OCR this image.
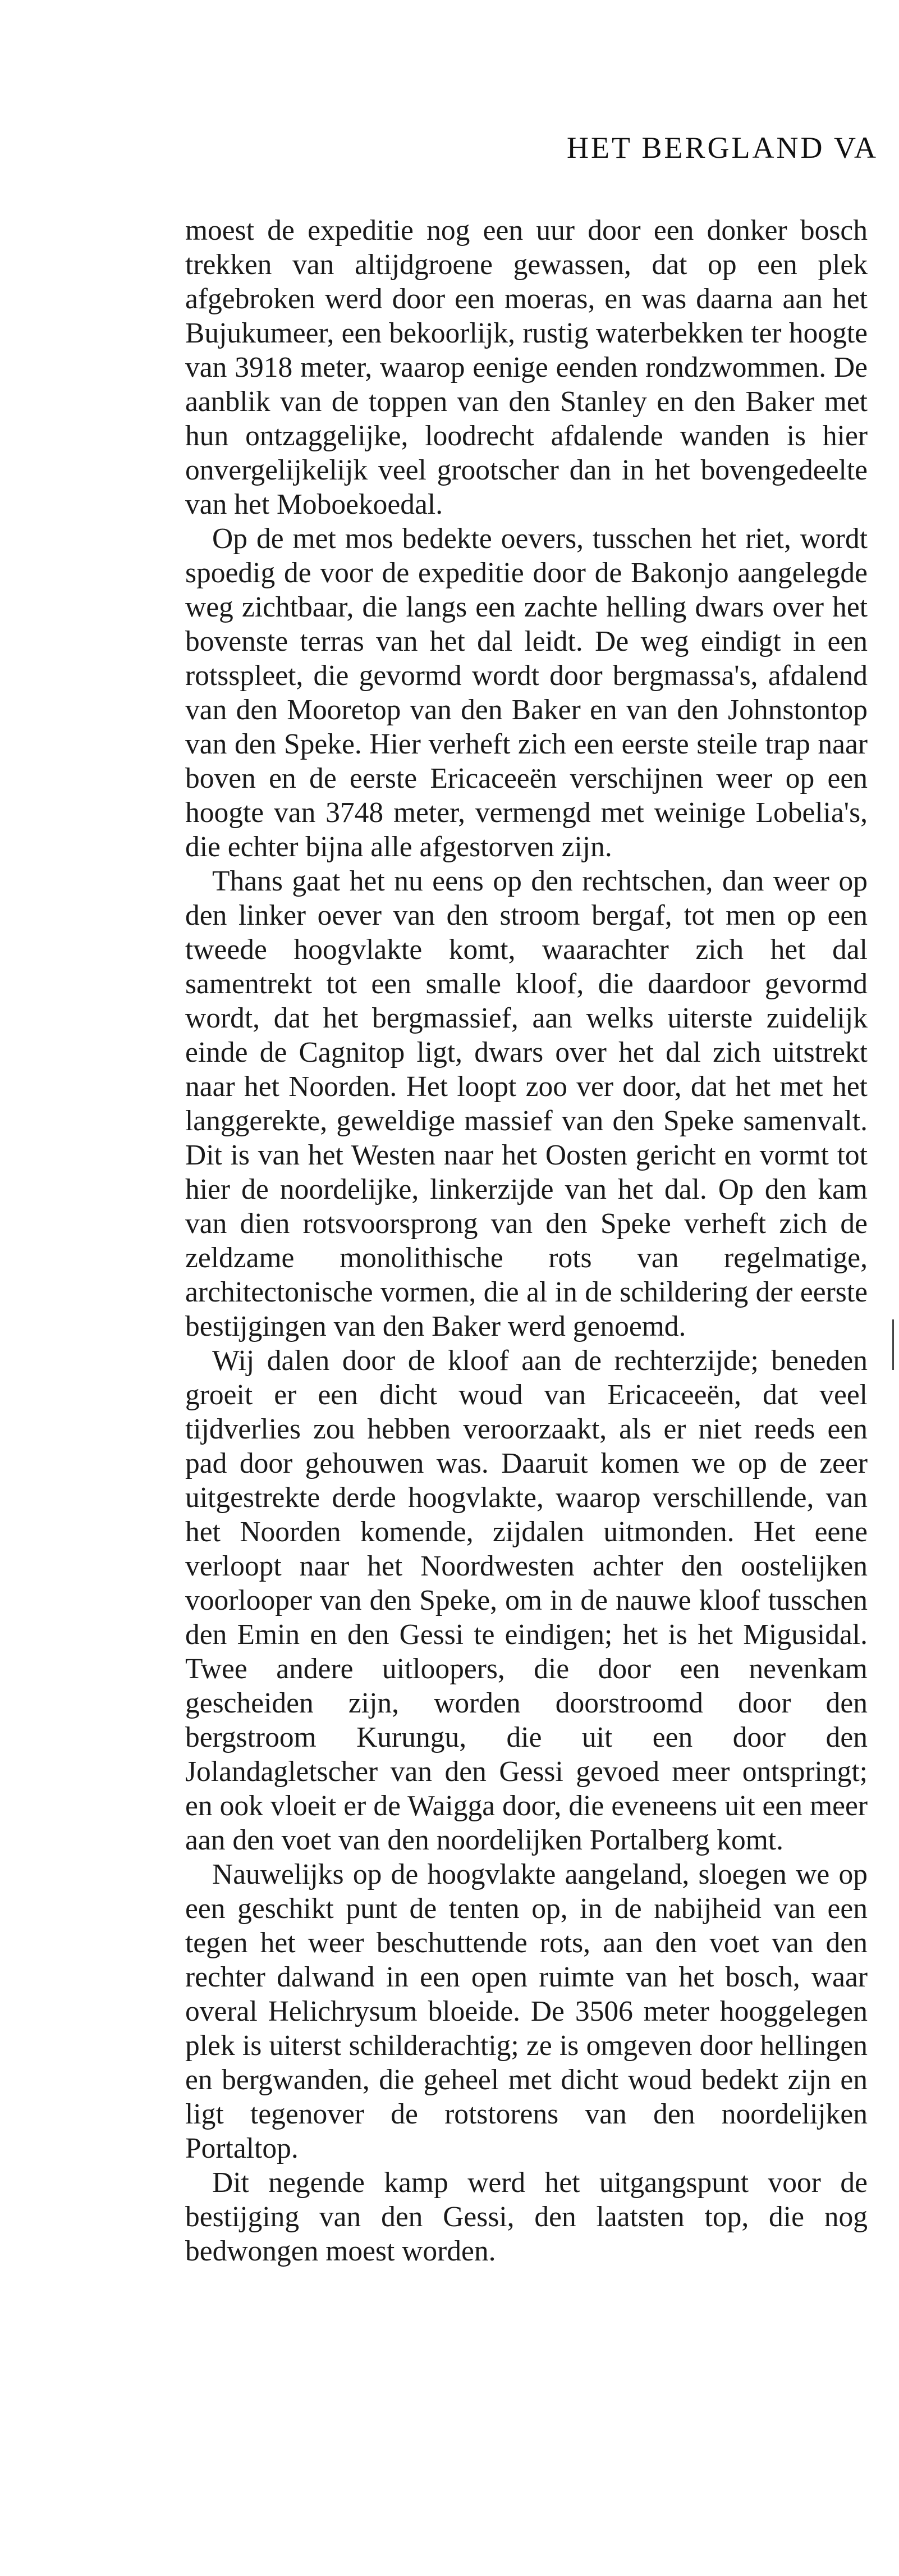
HET BERGLAND VA

moest de expeditie nog een uur door een donker bosch trekken van altijdgroene gewassen, dat op een plek afgebroken werd door een moeras, en was daarna aan het Bujukumeer, een bekoorlijk, rustig waterbekken ter hoogte van 3918 meter, waarop eenige eenden rondzwommen. De aanblik van de toppen van den Stanley en den Baker met hun ontzaggelijke, loodrecht afdalende wanden is hier onvergelijkelijk veel grootscher dan in het bovengedeelte van het Moboekoedal.

Op de met mos bedekte oevers, tusschen het riet, wordt spoedig de voor de expeditie door de Bakonjo aangelegde weg zichtbaar, die langs een zachte helling dwars over het bovenste terras van het dal leidt. De weg eindigt in een rotsspleet, die gevormd wordt door bergmassa's, afdalend van den Mooretop van den Baker en van den Johnstontop van den Speke. Hier verheft zich een eerste steile trap naar boven en de eerste Ericaceeën verschijnen weer op een hoogte van 3748 meter, vermengd met weinige Lobelia's, die echter bijna alle afgestorven zijn.

Thans gaat het nu eens op den rechtschen, dan weer op den linker oever van den stroom bergaf, tot men op een tweede hoogvlakte komt, waarachter zich het dal samentrekt tot een smalle kloof, die daardoor gevormd wordt, dat het bergmassief, aan welks uiterste zuidelijk einde de Cagnitop ligt, dwars over het dal zich uitstrekt naar het Noorden. Het loopt zoo ver door, dat het met het langgerekte, geweldige massief van den Speke samenvalt. Dit is van het Westen naar het Oosten gericht en vormt tot hier de noordelijke, linkerzijde van het dal. Op den kam van dien rotsvoorsprong van den Speke verheft zich de zeldzame monolithische rots van regelmatige, architectonische vormen, die al in de schildering der eerste bestijgingen van den Baker werd genoemd.

Wij dalen door de kloof aan de rechterzijde; beneden groeit er een dicht woud van Ericaceeën, dat veel tijdverlies zou hebben veroorzaakt, als er niet reeds een pad door gehouwen was. Daaruit komen we op de zeer uitgestrekte derde hoogvlakte, waarop verschillende, van het Noorden komende, zijdalen uitmonden. Het eene verloopt naar het Noordwesten achter den oostelijken voorlooper van den Speke, om in de nauwe kloof tusschen den Emin en den Gessi te eindigen; het is het Migusidal. Twee andere uitloopers, die door een nevenkam gescheiden zijn, worden doorstroomd door den bergstroom Kurungu, die uit een door den Jolandagletscher van den Gessi gevoed meer ontspringt; en ook vloeit er de Waigga door, die eveneens uit een meer aan den voet van den noordelijken Portalberg komt.

Nauwelijks op de hoogvlakte aangeland, sloegen we op een geschikt punt de tenten op, in de nabijheid van een tegen het weer beschuttende rots, aan den voet van den rechter dalwand in een open ruimte van het bosch, waar overal Helichrysum bloeide. De 3506 meter hooggelegen plek is uiterst schilderachtig; ze is omgeven door hellingen en bergwanden, die geheel met dicht woud bedekt zijn en ligt tegenover de rotstorens van den noordelijken Portaltop.

Dit negende kamp werd het uitgangspunt voor de bestijging van den Gessi, den laatsten top, die nog bedwongen moest worden.
